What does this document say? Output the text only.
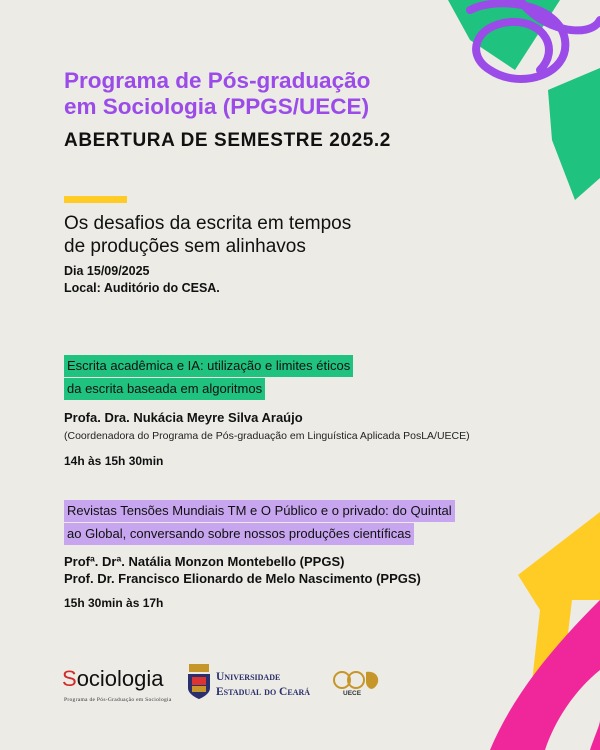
Programa de Pós-graduação
em Sociologia (PPGS/UECE)
ABERTURA DE SEMESTRE 2025.2
Os desafios da escrita em tempos
de produções sem alinhavos
Dia 15/09/2025
Local: Auditório do CESA.
Escrita acadêmica e IA: utilização e limites éticos
da escrita baseada em algoritmos
Profa. Dra. Nukácia Meyre Silva Araújo
(Coordenadora do Programa de Pós-graduação em Linguística Aplicada PosLA/UECE)
14h às 15h 30min
Revistas Tensões Mundiais TM e O Público e o privado: do Quintal
ao Global, conversando sobre nossos produções científicas
Profª. Drª. Natália Monzon Montebello (PPGS)
Prof. Dr. Francisco Elionardo de Melo Nascimento (PPGS)
15h 30min às 17h
Sociologia
Programa de Pós-Graduação em Sociologia
Universidade
Estadual do Ceará	UECE
